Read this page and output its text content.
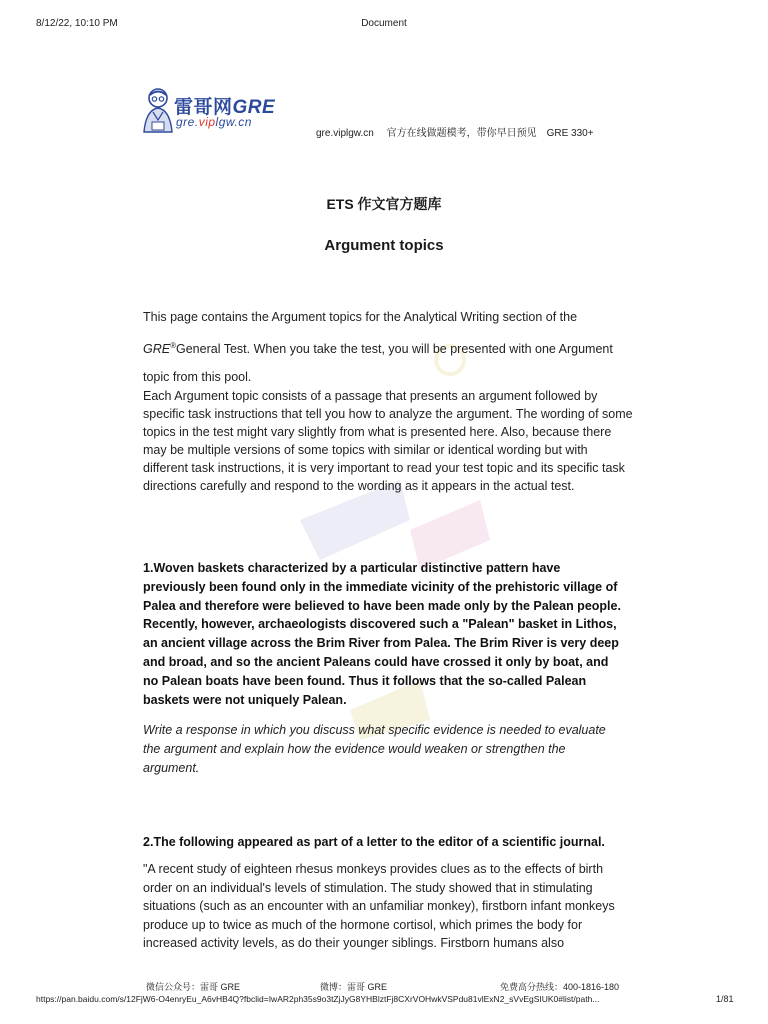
8/12/22, 10:10 PM	Document
雷哥网GRE
gre.viplgw.cn
gre.viplgw.cn 官方在线做题模考，带你早日预见 GRE 330+
ETS 作文官方题库
Argument topics

This page contains the Argument topics for the Analytical Writing section of the GRE®General Test. When you take the test, you will be presented with one Argument topic from this pool.

Each Argument topic consists of a passage that presents an argument followed by specific task instructions that tell you how to analyze the argument. The wording of some topics in the test might vary slightly from what is presented here. Also, because there may be multiple versions of some topics with similar or identical wording but with different task instructions, it is very important to read your test topic and its specific task directions carefully and respond to the wording as it appears in the actual test.

1.Woven baskets characterized by a particular distinctive pattern have previously been found only in the immediate vicinity of the prehistoric village of Palea and therefore were believed to have been made only by the Palean people. Recently, however, archaeologists discovered such a "Palean" basket in Lithos, an ancient village across the Brim River from Palea. The Brim River is very deep and broad, and so the ancient Paleans could have crossed it only by boat, and no Palean boats have been found. Thus it follows that the so-called Palean baskets were not uniquely Palean.

Write a response in which you discuss what specific evidence is needed to evaluate the argument and explain how the evidence would weaken or strengthen the argument.

2.The following appeared as part of a letter to the editor of a scientific journal.

"A recent study of eighteen rhesus monkeys provides clues as to the effects of birth order on an individual's levels of stimulation. The study showed that in stimulating situations (such as an encounter with an unfamiliar monkey), firstborn infant monkeys produce up to twice as much of the hormone cortisol, which primes the body for increased activity levels, as do their younger siblings. Firstborn humans also

微信公众号：雷哥 GRE	微博：雷哥 GRE	免费高分热线：400-1816-180
https://pan.baidu.com/s/12FjW6-O4enryEu_A6vHB4Q?fbclid=IwAR2ph35s9o3tZjJyG8YHBlztFj8CXrVOHwkVSPdu81vlExN2_sVvEgSIUK0#list/path...	1/81
